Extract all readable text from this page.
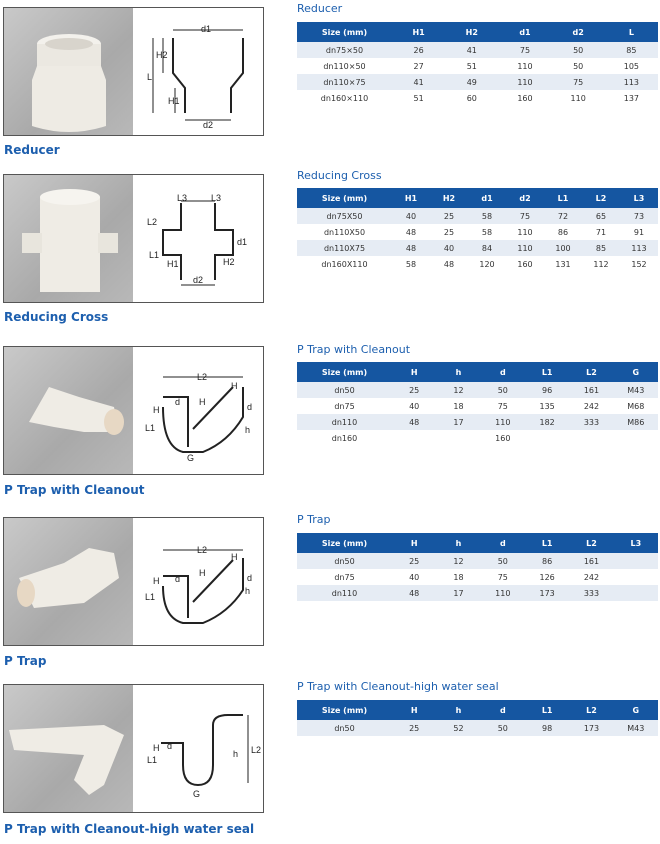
d1
H2
L
H1
d2
Reducer
Reducer
Size (mm)	H1	H2	d1	d2	L
dn75×50	26	41	75	50	85
dn110×50	27	51	110	50	105
dn110×75	41	49	110	75	113
dn160×110	51	60	160	110	137
L3	L3
L2
d1
L1
H1	H2
d2
Reducing Cross
Reducing Cross
Size (mm)	H1	H2	d1	d2	L1	L2	L3
dn75X50	40	25	58	75	72	65	73
dn110X50	48	25	58	110	86	71	91
dn110X75	48	40	84	110	100	85	113
dn160X110	58	48	120	160	131	112	152
L2
H
H
d
H	d
L1	h
G
P Trap with Cleanout
P Trap with Cleanout
Size (mm)	H	h	d	L1	L2	G
dn50	25	12	50	96	161	M43
dn75	40	18	75	135	242	M68
dn110	48	17	110	182	333	M86
dn160			160			
L2
H
H
d
H	d
L1
h
P Trap
P Trap
Size (mm)	H	h	d	L1	L2	L3
dn50	25	12	50	86	161	
dn75	40	18	75	126	242	
dn110	48	17	110	173	333	
H d
L1
h L2
G
P Trap with Cleanout-high water seal
P Trap with Cleanout-high water seal
Size (mm)	H	h	d	L1	L2	G
dn50	25	52	50	98	173	M43
